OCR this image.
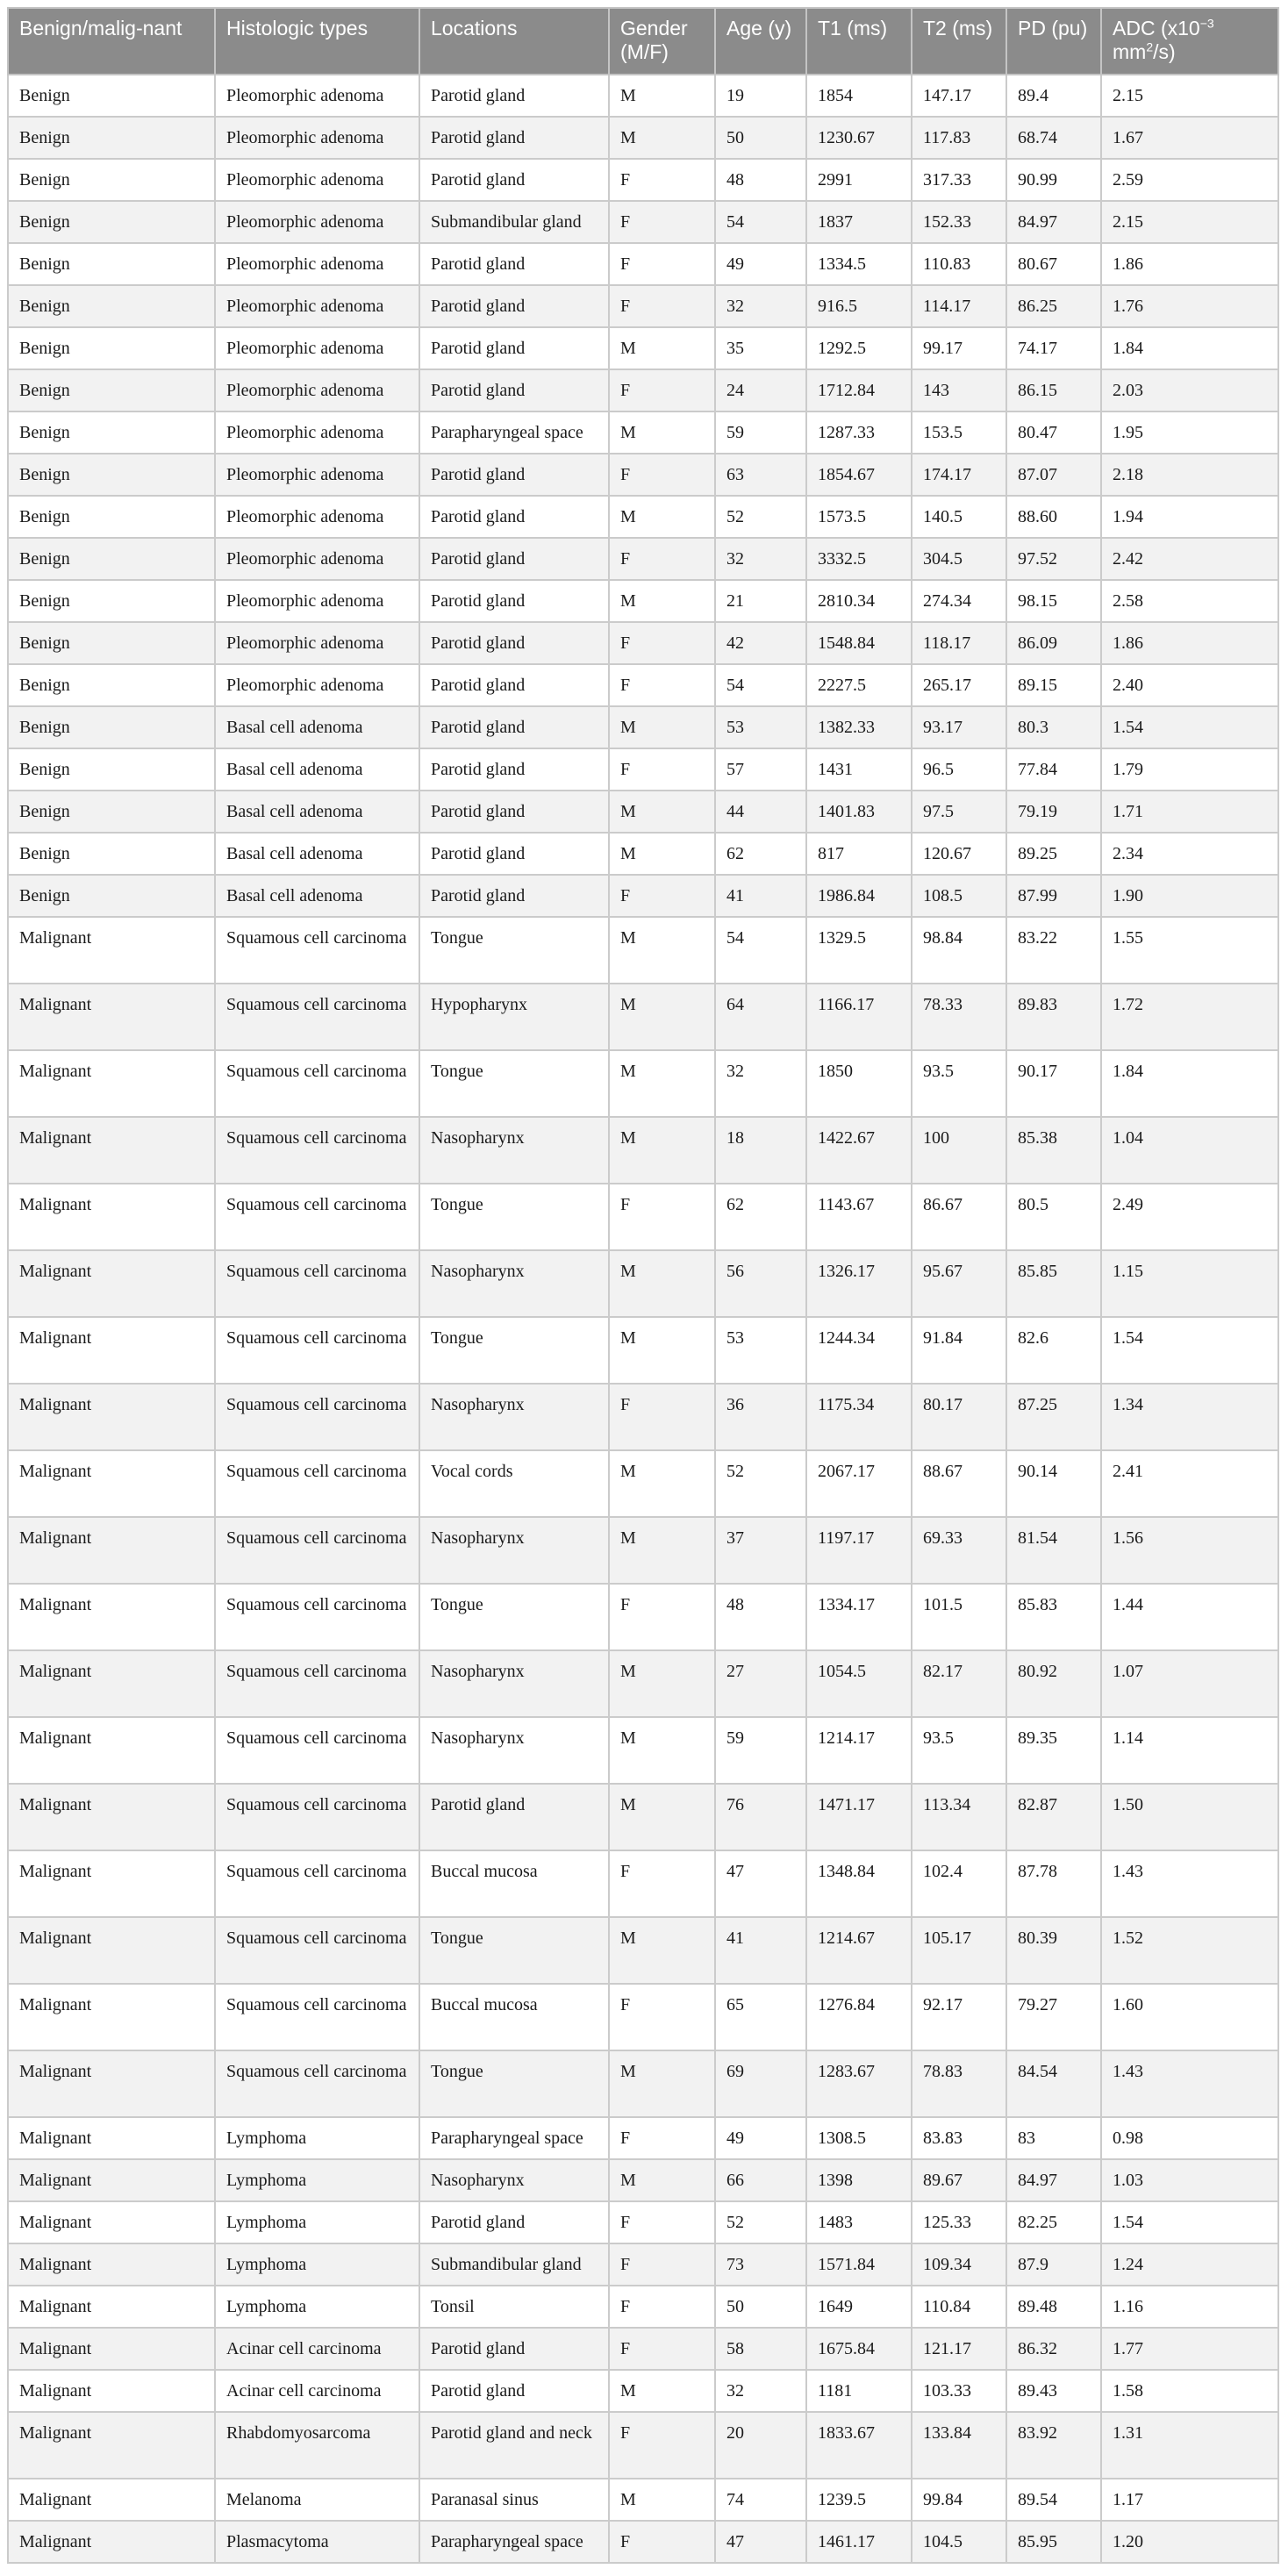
Benign/malig-nant	Histologic types	Locations	Gender (M/F)	Age (y)	T1 (ms)	T2 (ms)	PD (pu)	ADC ($x10^{-3}$ $mm^2/s$)
Benign	Pleomorphic adenoma	Parotid gland	M	19	1854	147.17	89.4	2.15
Benign	Pleomorphic adenoma	Parotid gland	M	50	1230.67	117.83	68.74	1.67
Benign	Pleomorphic adenoma	Parotid gland	F	48	2991	317.33	90.99	2.59
Benign	Pleomorphic adenoma	Submandibular gland	F	54	1837	152.33	84.97	2.15
Benign	Pleomorphic adenoma	Parotid gland	F	49	1334.5	110.83	80.67	1.86
Benign	Pleomorphic adenoma	Parotid gland	F	32	916.5	114.17	86.25	1.76
Benign	Pleomorphic adenoma	Parotid gland	M	35	1292.5	99.17	74.17	1.84
Benign	Pleomorphic adenoma	Parotid gland	F	24	1712.84	143	86.15	2.03
Benign	Pleomorphic adenoma	Parapharyngeal space	M	59	1287.33	153.5	80.47	1.95
Benign	Pleomorphic adenoma	Parotid gland	F	63	1854.67	174.17	87.07	2.18
Benign	Pleomorphic adenoma	Parotid gland	M	52	1573.5	140.5	88.60	1.94
Benign	Pleomorphic adenoma	Parotid gland	F	32	3332.5	304.5	97.52	2.42
Benign	Pleomorphic adenoma	Parotid gland	M	21	2810.34	274.34	98.15	2.58
Benign	Pleomorphic adenoma	Parotid gland	F	42	1548.84	118.17	86.09	1.86
Benign	Pleomorphic adenoma	Parotid gland	F	54	2227.5	265.17	89.15	2.40
Benign	Basal cell adenoma	Parotid gland	M	53	1382.33	93.17	80.3	1.54
Benign	Basal cell adenoma	Parotid gland	F	57	1431	96.5	77.84	1.79
Benign	Basal cell adenoma	Parotid gland	M	44	1401.83	97.5	79.19	1.71
Benign	Basal cell adenoma	Parotid gland	M	62	817	120.67	89.25	2.34
Benign	Basal cell adenoma	Parotid gland	F	41	1986.84	108.5	87.99	1.90
Malignant	Squamous cell carcinoma	Tongue	M	54	1329.5	98.84	83.22	1.55
Malignant	Squamous cell carcinoma	Hypopharynx	M	64	1166.17	78.33	89.83	1.72
Malignant	Squamous cell carcinoma	Tongue	M	32	1850	93.5	90.17	1.84
Malignant	Squamous cell carcinoma	Nasopharynx	M	18	1422.67	100	85.38	1.04
Malignant	Squamous cell carcinoma	Tongue	F	62	1143.67	86.67	80.5	2.49
Malignant	Squamous cell carcinoma	Nasopharynx	M	56	1326.17	95.67	85.85	1.15
Malignant	Squamous cell carcinoma	Tongue	M	53	1244.34	91.84	82.6	1.54
Malignant	Squamous cell carcinoma	Nasopharynx	F	36	1175.34	80.17	87.25	1.34
Malignant	Squamous cell carcinoma	Vocal cords	M	52	2067.17	88.67	90.14	2.41
Malignant	Squamous cell carcinoma	Nasopharynx	M	37	1197.17	69.33	81.54	1.56
Malignant	Squamous cell carcinoma	Tongue	F	48	1334.17	101.5	85.83	1.44
Malignant	Squamous cell carcinoma	Nasopharynx	M	27	1054.5	82.17	80.92	1.07
Malignant	Squamous cell carcinoma	Nasopharynx	M	59	1214.17	93.5	89.35	1.14
Malignant	Squamous cell carcinoma	Parotid gland	M	76	1471.17	113.34	82.87	1.50
Malignant	Squamous cell carcinoma	Buccal mucosa	F	47	1348.84	102.4	87.78	1.43
Malignant	Squamous cell carcinoma	Tongue	M	41	1214.67	105.17	80.39	1.52
Malignant	Squamous cell carcinoma	Buccal mucosa	F	65	1276.84	92.17	79.27	1.60
Malignant	Squamous cell carcinoma	Tongue	M	69	1283.67	78.83	84.54	1.43
Malignant	Lymphoma	Parapharyngeal space	F	49	1308.5	83.83	83	0.98
Malignant	Lymphoma	Nasopharynx	M	66	1398	89.67	84.97	1.03
Malignant	Lymphoma	Parotid gland	F	52	1483	125.33	82.25	1.54
Malignant	Lymphoma	Submandibular gland	F	73	1571.84	109.34	87.9	1.24
Malignant	Lymphoma	Tonsil	F	50	1649	110.84	89.48	1.16
Malignant	Acinar cell carcinoma	Parotid gland	F	58	1675.84	121.17	86.32	1.77
Malignant	Acinar cell carcinoma	Parotid gland	M	32	1181	103.33	89.43	1.58
Malignant	Rhabdomyosarcoma	Parotid gland and neck	F	20	1833.67	133.84	83.92	1.31
Malignant	Melanoma	Paranasal sinus	M	74	1239.5	99.84	89.54	1.17
Malignant	Plasmacytoma	Parapharyngeal space	F	47	1461.17	104.5	85.95	1.20
